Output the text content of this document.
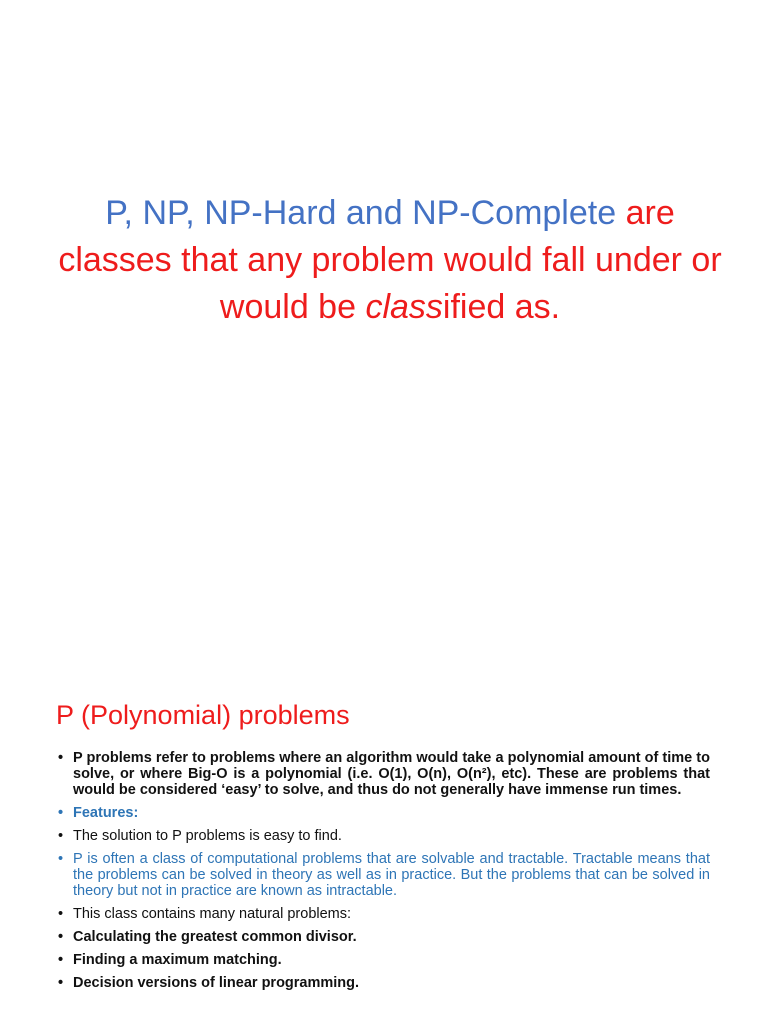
P, NP, NP-Hard and NP-Complete are classes that any problem would fall under or would be classified as.
P (Polynomial) problems
• P problems refer to problems where an algorithm would take a polynomial amount of time to solve, or where Big-O is a polynomial (i.e. O(1), O(n), O(n²), etc). These are problems that would be considered ‘easy’ to solve, and thus do not generally have immense run times.
• Features:
• The solution to P problems is easy to find.
• P is often a class of computational problems that are solvable and tractable. Tractable means that the problems can be solved in theory as well as in practice. But the problems that can be solved in theory but not in practice are known as intractable.
• This class contains many natural problems:
• Calculating the greatest common divisor.
• Finding a maximum matching.
• Decision versions of linear programming.
